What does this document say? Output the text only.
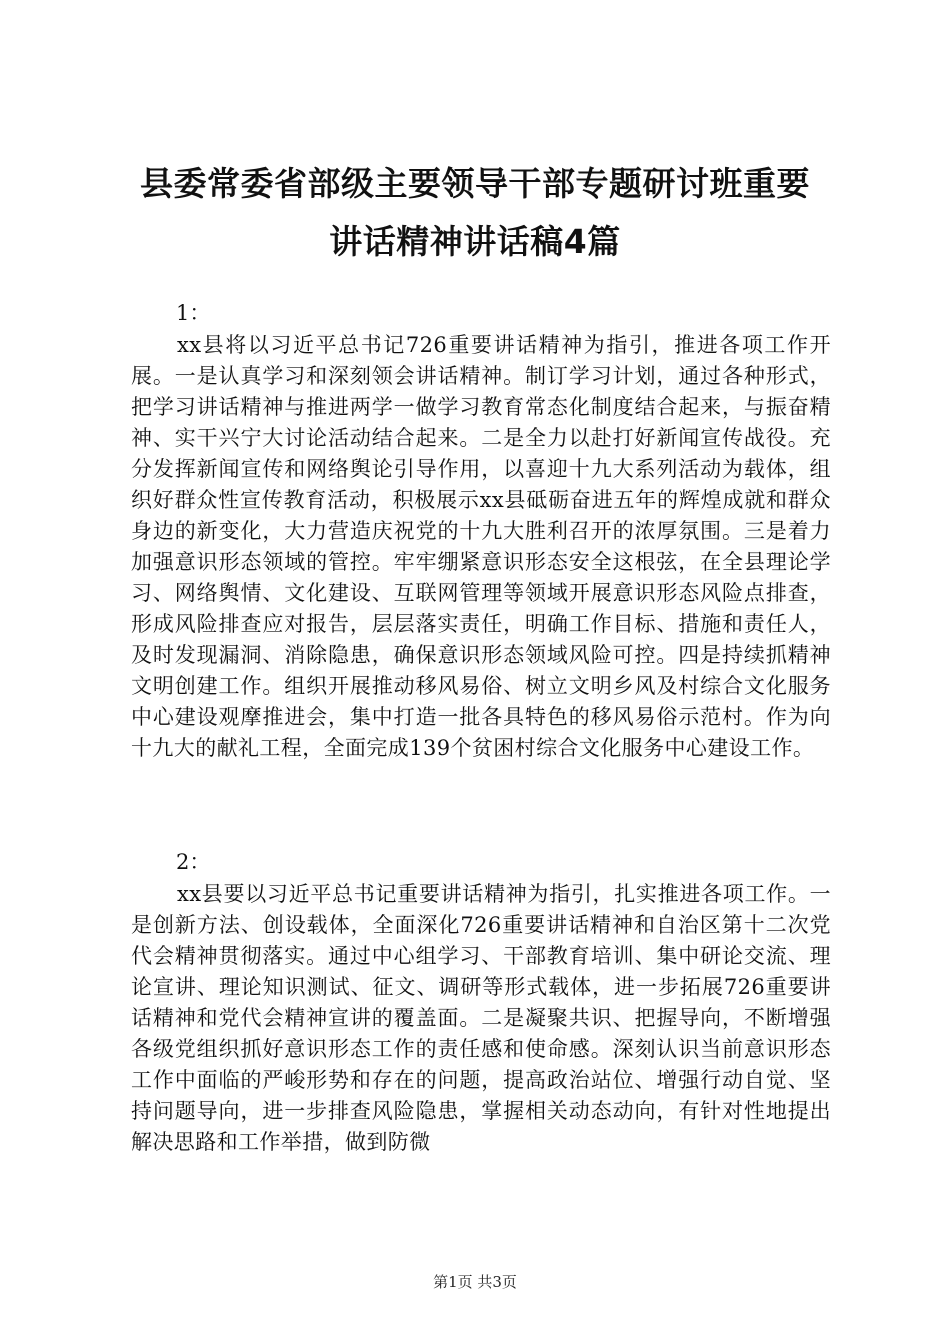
县委常委省部级主要领导干部专题研讨班重要
讲话精神讲话稿4篇
1：
xx县将以习近平总书记726重要讲话精神为指引，推进各项工作开展。一是认真学习和深刻领会讲话精神。制订学习计划，通过各种形式，把学习讲话精神与推进两学一做学习教育常态化制度结合起来，与振奋精神、实干兴宁大讨论活动结合起来。二是全力以赴打好新闻宣传战役。充分发挥新闻宣传和网络舆论引导作用，以喜迎十九大系列活动为载体，组织好群众性宣传教育活动，积极展示xx县砥砺奋进五年的辉煌成就和群众身边的新变化，大力营造庆祝党的十九大胜利召开的浓厚氛围。三是着力加强意识形态领域的管控。牢牢绷紧意识形态安全这根弦，在全县理论学习、网络舆情、文化建设、互联网管理等领域开展意识形态风险点排查，形成风险排查应对报告，层层落实责任，明确工作目标、措施和责任人，及时发现漏洞、消除隐患，确保意识形态领域风险可控。四是持续抓精神文明创建工作。组织开展推动移风易俗、树立文明乡风及村综合文化服务中心建设观摩推进会，集中打造一批各具特色的移风易俗示范村。作为向十九大的献礼工程，全面完成139个贫困村综合文化服务中心建设工作。
2：
xx县要以习近平总书记重要讲话精神为指引，扎实推进各项工作。一是创新方法、创设载体，全面深化726重要讲话精神和自治区第十二次党代会精神贯彻落实。通过中心组学习、干部教育培训、集中研论交流、理论宣讲、理论知识测试、征文、调研等形式载体，进一步拓展726重要讲话精神和党代会精神宣讲的覆盖面。二是凝聚共识、把握导向，不断增强各级党组织抓好意识形态工作的责任感和使命感。深刻认识当前意识形态工作中面临的严峻形势和存在的问题，提高政治站位、增强行动自觉、坚持问题导向，进一步排查风险隐患，掌握相关动态动向，有针对性地提出解决思路和工作举措，做到防微
第1页 共3页
